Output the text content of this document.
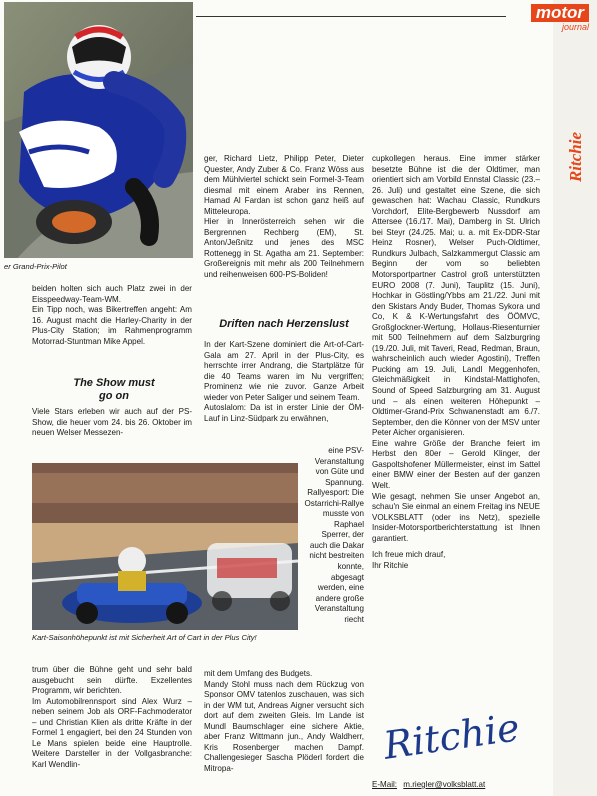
er Grand-Prix-Pilot

beiden holten sich auch Platz zwei in der Eisspeedway-Team-WM.

Ein Tipp noch, was Bikertreffen angeht: Am 16. August macht die Harley-Charity in der Plus-City Station; im Rahmenprogramm Motorrad-Stuntman Mike Appel.

The Show must go on

Viele Stars erleben wir auch auf der PS-Show, die heuer vom 24. bis 26. Oktober im neuen Welser Messezen-

Kart-Saisonhöhepunkt ist mit Sicherheit Art of Cart in der Plus City!

trum über die Bühne geht und sehr bald ausgebucht sein dürfte. Exzellentes Programm, wir berichten.

Im Automobilrennsport sind Alex Wurz – neben seinem Job als ORF-Fachmoderator – und Christian Klien als dritte Kräfte in der Formel 1 engagiert, bei den 24 Stunden von Le Mans spielen beide eine Hauptrolle. Weitere Darsteller in der Vollgasbranche: Karl Wendlin-

ger, Richard Lietz, Philipp Peter, Dieter Quester, Andy Zuber & Co. Franz Wöss aus dem Mühlviertel schickt sein Formel-3-Team diesmal mit einem Araber ins Rennen, Hamad Al Fardan ist schon ganz heiß auf Mitteleuropa.

Hier in Innerösterreich sehen wir die Bergrennen Rechberg (EM), St. Anton/Jeßnitz und jenes des MSC Rottenegg in St. Agatha am 21. September: Großereignis mit mehr als 200 Teilnehmern und reihenweisen 600-PS-Boliden!

Driften nach Herzenslust

In der Kart-Szene dominiert die Art-of-Cart-Gala am 27. April in der Plus-City, es herrschte irrer Andrang, die Startplätze für die 40 Teams waren im Nu vergriffen; Prominenz wie nie zuvor. Ganze Arbeit wieder von Peter Saliger und seinem Team.

Autoslalom: Da ist in erster Linie der ÖM-Lauf in Linz-Südpark zu erwähnen,

eine PSV-Veranstaltung von Güte und Spannung. Rallyesport: Die Ostarrichi-Rallye musste von Raphael Sperrer, der auch die Dakar nicht bestreiten konnte, abgesagt werden, eine andere große Veranstaltung riecht

mit dem Umfang des Budgets.

Mandy Stohl muss nach dem Rückzug von Sponsor OMV tatenlos zuschauen, was sich in der WM tut, Andreas Aigner versucht sich dort auf dem zweiten Gleis. Im Lande ist Mundl Baumschlager eine sichere Aktie, aber Franz Wittmann jun., Andy Waldherr, Kris Rosenberger machen Dampf. Challengesieger Sascha Plöderl fordert die Mitropa-

cupkollegen heraus. Eine immer stärker besetzte Bühne ist die der Oldtimer, man orientiert sich am Vorbild Ennstal Classic (23.–26. Juli) und gestaltet eine Szene, die sich gewaschen hat: Wachau Classic, Rundkurs Vorchdorf, Elite-Bergbewerb Nussdorf am Attersee (16./17. Mai), Damberg in St. Ulrich bei Steyr (24./25. Mai; u. a. mit Ex-DDR-Star Heinz Rosner), Welser Puch-Oldtimer, Rundkurs Julbach, Salzkammergut Classic am Beginn der vom so beliebten Motorsportpartner Castrol groß unterstützten EURO 2008 (7. Juni), Tauplitz (15. Juni), Hochkar in Göstling/Ybbs am 21./22. Juni mit den Skistars Andy Buder, Thomas Sykora und Co, K & K-Wertungsfahrt des ÖÖMVC, Großglockner-Wertung, Hollaus-Riesenturnier mit 500 Teilnehmern auf dem Salzburgring (19./20. Juli, mit Taveri, Read, Redman, Braun, wahrscheinlich auch wieder Agostini), Treffen Pucking am 19. Juli, Landl Meggenhofen, Gleichmäßigkeit in Kindstal-Mattighofen, Sound of Speed Salzburgring am 31. August und – als einen weiteren Höhepunkt – Oldtimer-Grand-Prix Schwanenstadt am 6./7. September, den die Könner von der MSV unter Peter Aicher organisieren.

Eine wahre Größe der Branche feiert im Herbst den 80er – Gerold Klinger, der Gaspoltshofener Müllermeister, einst im Sattel einer BMW einer der Besten auf der ganzen Welt.

Wie gesagt, nehmen Sie unser Angebot an, schau'n Sie einmal an einem Freitag ins NEUE VOLKSBLATT (oder ins Netz), spezielle Insider-Motorsportberichterstattung ist Ihnen garantiert.

Ich freue mich drauf,

Ihr Ritchie

Ritchie
E-Mail: m.riegler@volksblatt.at
motor
journal
Ritchie
